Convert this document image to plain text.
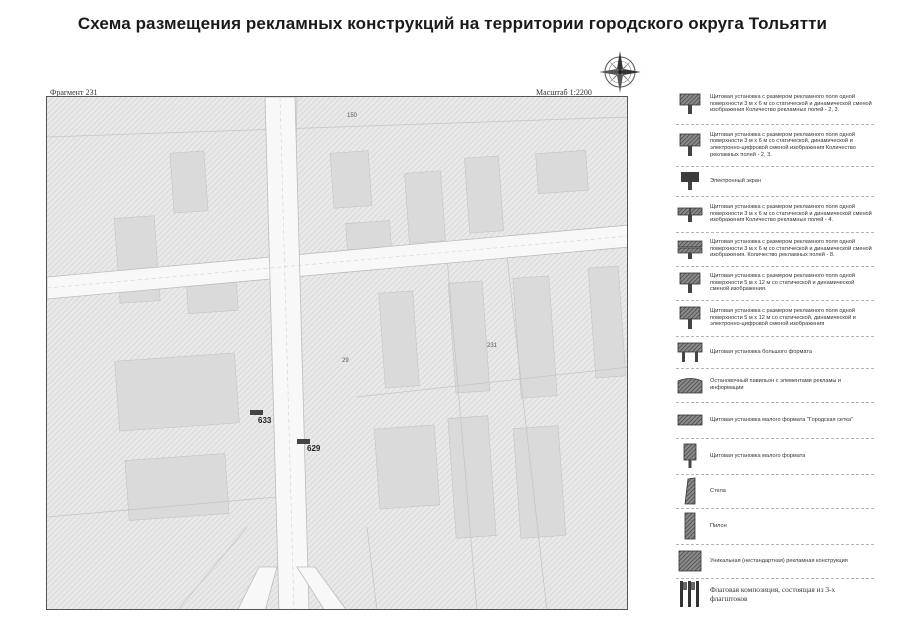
Схема размещения рекламных конструкций на территории городского округа Тольятти
Фрагмент 231	Масштаб 1:2200
150
29
231
633
629
Щитовая установка с размером рекламного поля одной поверхности 3 м х 6 м со статической и динамической сменой изображения Количество рекламных полей - 2, 3.
Щитовая установка с размером рекламного поля одной поверхности 3 м х 6 м со статической, динамической и электронно-цифровой сменой изображения Количество рекламных полей - 2, 3.
Электронный экран
Щитовая установка с размером рекламного поля одной поверхности 3 м х 6 м со статической и динамической сменой изображения Количество рекламных полей - 4.
Щитовая установка с размером рекламного поля одной поверхности 3 м х 6 м со статической и динамической сменой изображения. Количество рекламных полей - 8.
Щитовая установка с размером рекламного поля одной поверхности 5 м х 12 м со статической и динамической сменой изображения.
Щитовая установка с размером рекламного поля одной поверхности 5 м х 12 м со статической, динамической и электронно-цифровой сменой изображения
Щитовая установка большого формата
Остановочный павильон с элементами рекламы и информации
Щитовая установка малого формата "Городская сетка"
Щитовая установка малого формата
Стела
Пилон
Уникальная (нестандартная) рекламная конструкция
Флаговая композиция, состоящая из 3-х флагштоков
